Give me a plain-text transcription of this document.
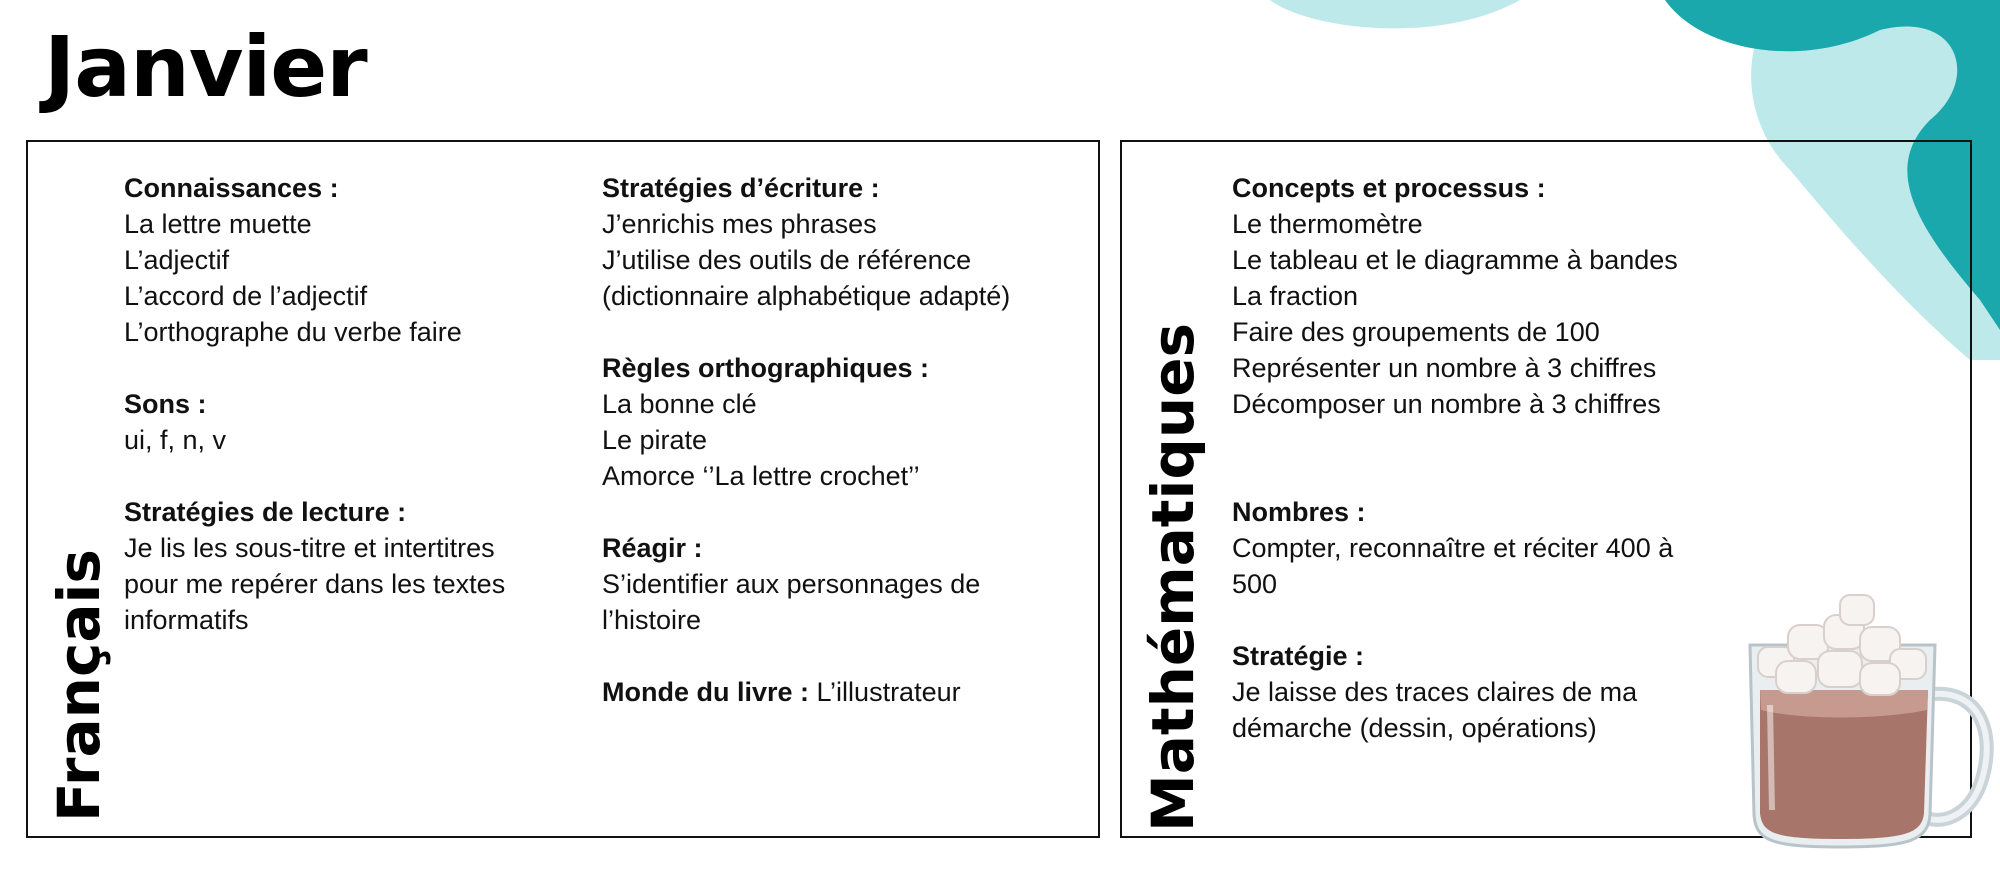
Janvier
Français
Connaissances :
La lettre muette
L’adjectif
L’accord de l’adjectif
L’orthographe du verbe faire
Sons :
ui, f, n, v
Stratégies de lecture :
Je lis les sous-titre et intertitres
pour me repérer dans les textes
informatifs
Stratégies d’écriture :
J’enrichis mes phrases
J’utilise des outils de référence
(dictionnaire alphabétique adapté)
Règles orthographiques :
La bonne clé
Le pirate
Amorce ‘’La lettre crochet’’
Réagir :
S’identifier aux personnages de
l’histoire
Monde du livre : L’illustrateur	Mathématiques
Concepts et processus :
Le thermomètre
Le tableau et le diagramme à bandes
La fraction
Faire des groupements de 100
Représenter un nombre à 3 chiffres
Décomposer un nombre à 3 chiffres
Nombres :
Compter, reconnaître et réciter 400 à
500
Stratégie :
Je laisse des traces claires de ma
démarche (dessin, opérations)
